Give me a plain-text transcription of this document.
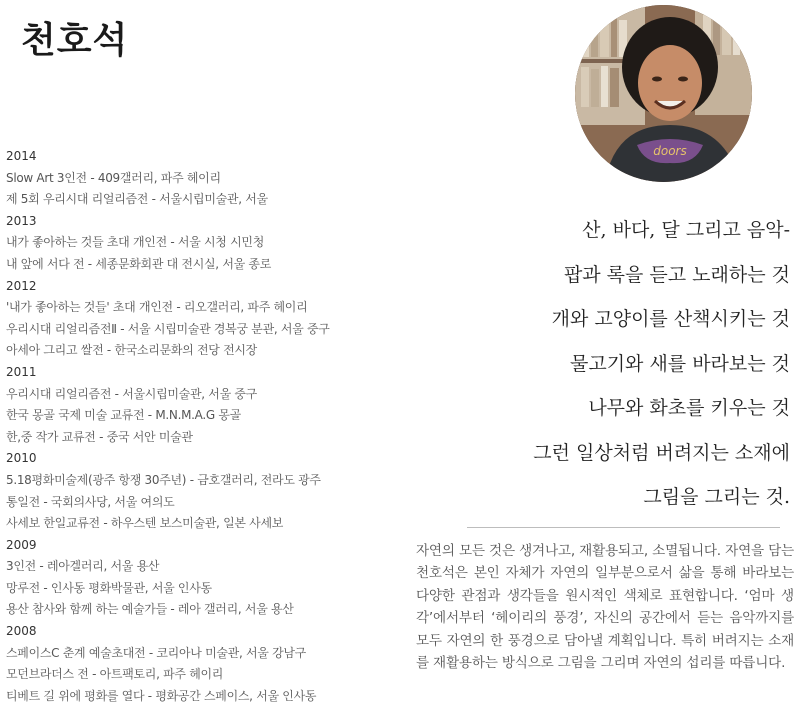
천호석
2014
Slow Art 3인전 - 409갤러리, 파주 헤이리
제 5회 우리시대 리얼리즘전 - 서울시립미술관, 서울
2013
내가 좋아하는 것들 초대 개인전 - 서울 시청 시민청
내 앞에 서다 전 - 세종문화회관 대 전시실, 서울 종로
2012
'내가 좋아하는 것들' 초대 개인전 - 리오갤러리, 파주 헤이리
우리시대 리얼리즘전Ⅱ - 서울 시립미술관 경복궁 분관, 서울 중구
아세아 그리고 쌀전 - 한국소리문화의 전당 전시장
2011
우리시대 리얼리즘전 - 서울시립미술관, 서울 중구
한국 몽골 국제 미술 교류전 - M.N.M.A.G 몽골
한,중 작가 교류전 - 중국 서안 미술관
2010
5.18평화미술제(광주 항쟁 30주년) - 금호갤러리, 전라도 광주
통일전 - 국회의사당, 서울 여의도
사세보 한일교류전 - 하우스텐 보스미술관, 일본 사세보
2009
3인전 - 레아겔러리, 서울 용산
망루전 - 인사동 평화박물관, 서울 인사동
용산 참사와 함께 하는 예술가들 - 레아 갤러리, 서울 용산
2008
스페이스C 춘계 예술초대전 - 코리아나 미술관, 서울 강남구
모던브라더스 전 - 아트팩토리, 파주 헤이리
티베트 길 위에 평화를 열다 - 평화공간 스페이스, 서울 인사동
doors
산, 바다, 달 그리고 음악-
팝과 록을 듣고 노래하는 것
개와 고양이를 산책시키는 것
물고기와 새를 바라보는 것
나무와 화초를 키우는 것
그런 일상처럼 버려지는 소재에
그림을 그리는 것.
자연의 모든 것은 생겨나고, 재활용되고, 소멸됩니다. 자연을 담는 천호석은 본인 자체가 자연의 일부분으로서 삶을 통해 바라보는 다양한 관점과 생각들을 원시적인 색체로 표현합니다. ‘엄마 생각’에서부터 ‘헤이리의 풍경’, 자신의 공간에서 듣는 음악까지를 모두 자연의 한 풍경으로 담아낼 계획입니다. 특히 버려지는 소재를 재활용하는 방식으로 그림을 그리며 자연의 섭리를 따릅니다.
